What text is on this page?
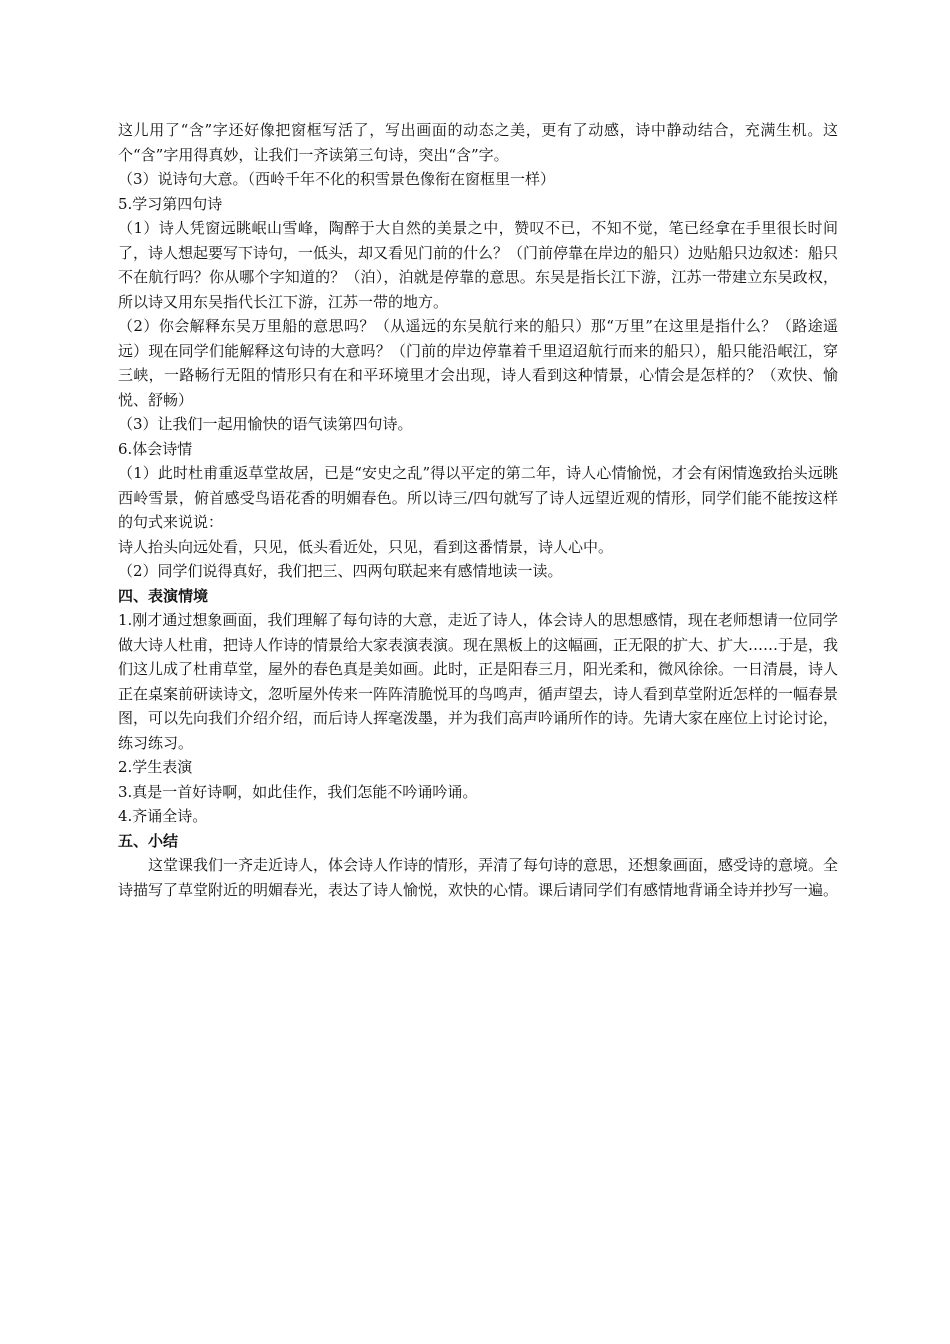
这儿用了“含”字还好像把窗框写活了，写出画面的动态之美，更有了动感，诗中静动结合，充满生机。这个“含”字用得真妙，让我们一齐读第三句诗，突出“含”字。

（3）说诗句大意。（西岭千年不化的积雪景色像衔在窗框里一样）

5.学习第四句诗

（1）诗人凭窗远眺岷山雪峰，陶醉于大自然的美景之中，赞叹不已，不知不觉，笔已经拿在手里很长时间了，诗人想起要写下诗句，一低头，却又看见门前的什么？（门前停靠在岸边的船只）边贴船只边叙述：船只不在航行吗？你从哪个字知道的？（泊），泊就是停靠的意思。东吴是指长江下游，江苏一带建立东吴政权，所以诗又用东吴指代长江下游，江苏一带的地方。

（2）你会解释东吴万里船的意思吗？（从遥远的东吴航行来的船只）那“万里”在这里是指什么？（路途遥远）现在同学们能解释这句诗的大意吗？（门前的岸边停靠着千里迢迢航行而来的船只），船只能沿岷江，穿三峡，一路畅行无阻的情形只有在和平环境里才会出现，诗人看到这种情景，心情会是怎样的？（欢快、愉悦、舒畅）

（3）让我们一起用愉快的语气读第四句诗。

6.体会诗情

（1）此时杜甫重返草堂故居，已是“安史之乱”得以平定的第二年，诗人心情愉悦，才会有闲情逸致抬头远眺西岭雪景，俯首感受鸟语花香的明媚春色。所以诗三/四句就写了诗人远望近观的情形，同学们能不能按这样的句式来说说：

诗人抬头向远处看，只见，低头看近处，只见，看到这番情景，诗人心中。

（2）同学们说得真好，我们把三、四两句联起来有感情地读一读。

四、表演情境

1.刚才通过想象画面，我们理解了每句诗的大意，走近了诗人，体会诗人的思想感情，现在老师想请一位同学做大诗人杜甫，把诗人作诗的情景给大家表演表演。现在黑板上的这幅画，正无限的扩大、扩大……于是，我们这儿成了杜甫草堂，屋外的春色真是美如画。此时，正是阳春三月，阳光柔和，微风徐徐。一日清晨，诗人正在桌案前研读诗文，忽听屋外传来一阵阵清脆悦耳的鸟鸣声，循声望去，诗人看到草堂附近怎样的一幅春景图，可以先向我们介绍介绍，而后诗人挥毫泼墨，并为我们高声吟诵所作的诗。先请大家在座位上讨论讨论，练习练习。

2.学生表演

3.真是一首好诗啊，如此佳作，我们怎能不吟诵吟诵。

4.齐诵全诗。

五、小结

这堂课我们一齐走近诗人，体会诗人作诗的情形，弄清了每句诗的意思，还想象画面，感受诗的意境。全诗描写了草堂附近的明媚春光，表达了诗人愉悦，欢快的心情。课后请同学们有感情地背诵全诗并抄写一遍。
